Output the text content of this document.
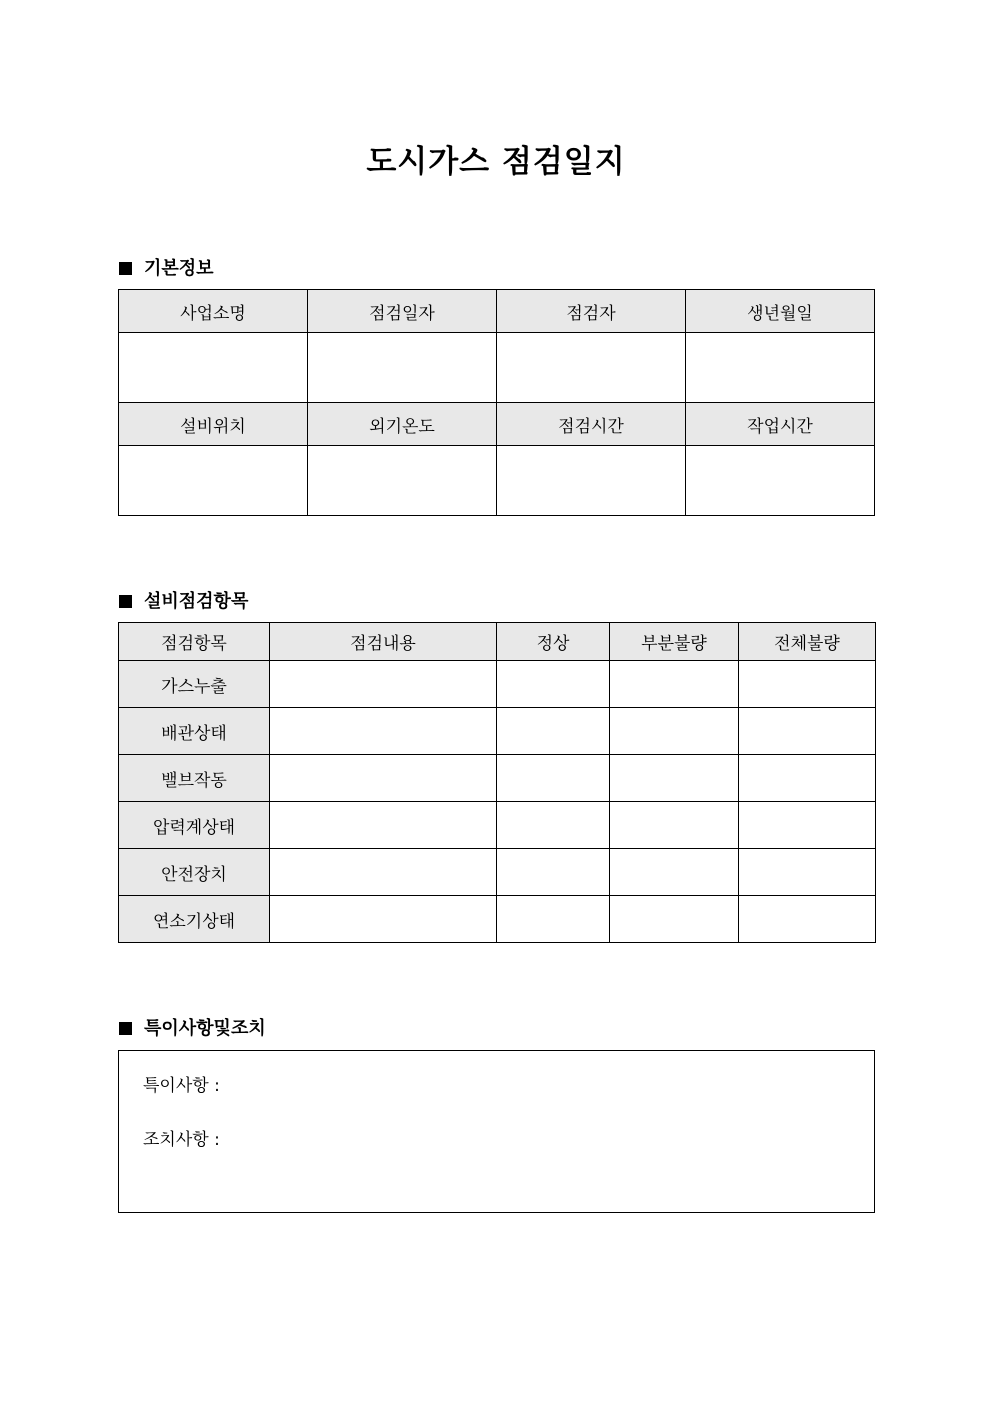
도시가스 점검일지
기본정보
사업소명	점검일자	점검자	생년월일

설비위치	외기온도	점검시간	작업시간

설비점검항목
점검항목	점검내용	정상	부분불량	전체불량
가스누출				
배관상태				
밸브작동				
압력계상태				
안전장치				
연소기상태				
특이사항및조치
특이사항 :
조치사항 :
